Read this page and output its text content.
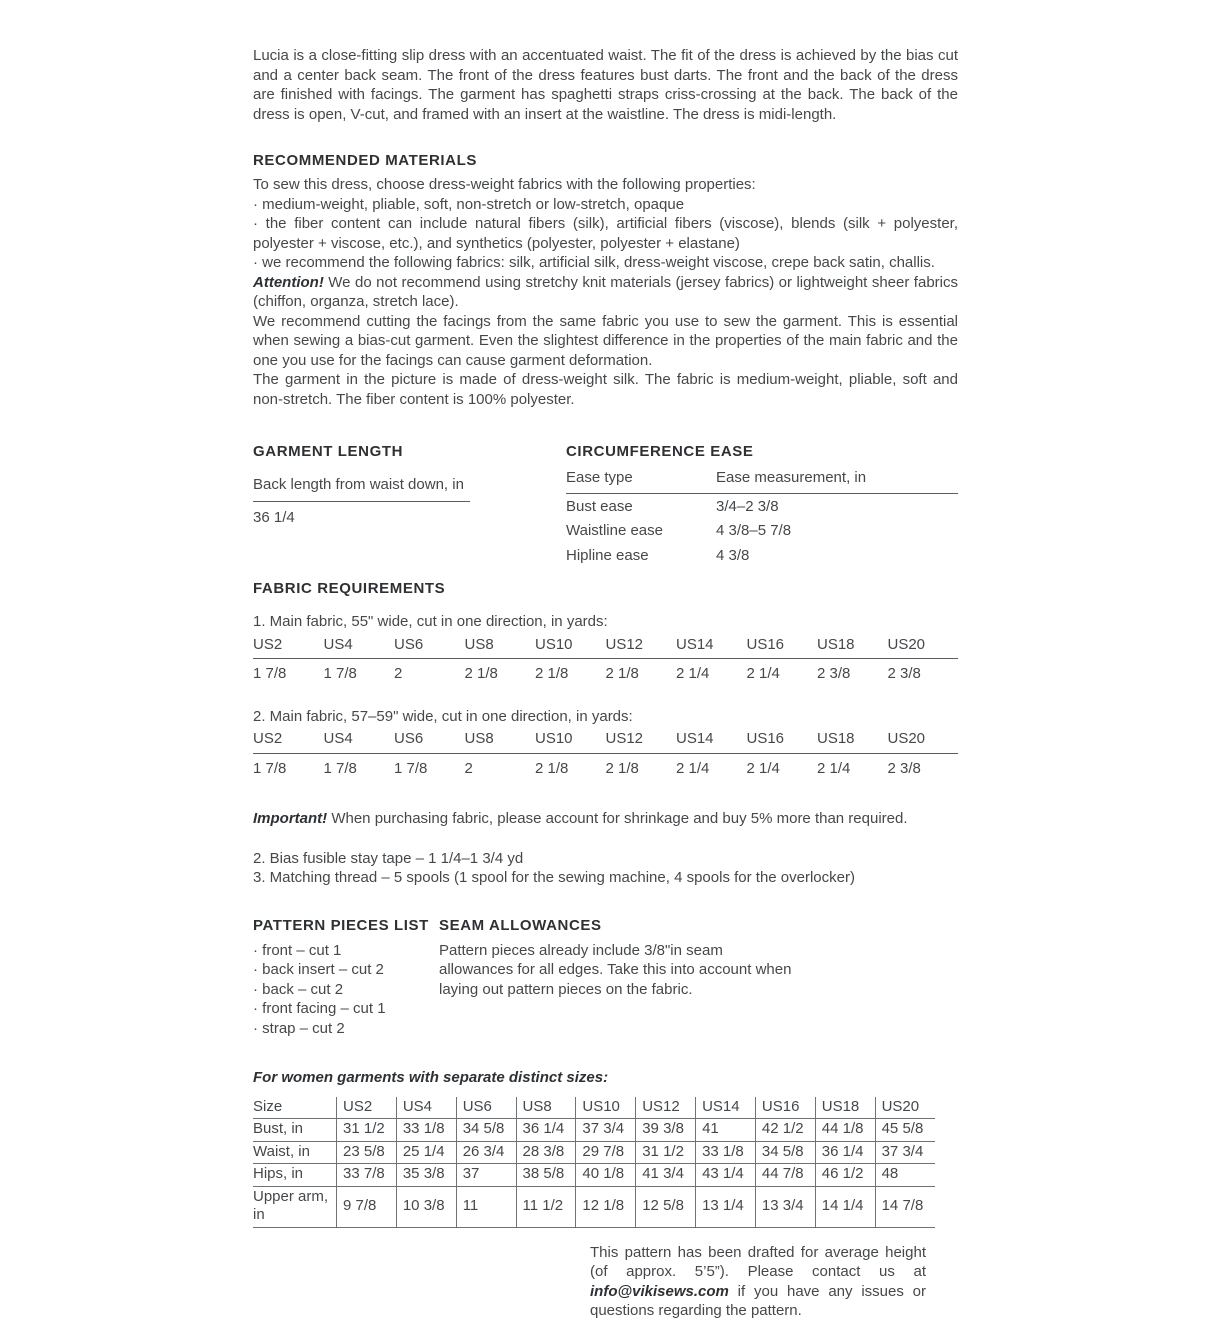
Lucia is a close-fitting slip dress with an accentuated waist. The fit of the dress is achieved by the bias cut and a center back seam. The front of the dress features bust darts. The front and the back of the dress are finished with facings. The garment has spaghetti straps criss-crossing at the back. The back of the dress is open, V-cut, and framed with an insert at the waistline. The dress is midi-length.

RECOMMENDED MATERIALS

To sew this dress, choose dress-weight fabrics with the following properties:

· medium-weight, pliable, soft, non-stretch or low-stretch, opaque

· the fiber content can include natural fibers (silk), artificial fibers (viscose), blends (silk + polyester, polyester + viscose, etc.), and synthetics (polyester, polyester + elastane)

· we recommend the following fabrics: silk, artificial silk, dress-weight viscose, crepe back satin, challis.

Attention! We do not recommend using stretchy knit materials (jersey fabrics) or lightweight sheer fabrics (chiffon, organza, stretch lace).

We recommend cutting the facings from the same fabric you use to sew the garment. This is essential when sewing a bias-cut garment. Even the slightest difference in the properties of the main fabric and the one you use for the facings can cause garment deformation.

The garment in the picture is made of dress-weight silk. The fabric is medium-weight, pliable, soft and non-stretch. The fiber content is 100% polyester.

GARMENT LENGTH
Back length from waist down, in
36 1/4
CIRCUMFERENCE EASE
Ease type	Ease measurement, in
Bust ease	3/4–2 3/8
Waistline ease	4 3/8–5 7/8
Hipline ease	4 3/8
FABRIC REQUIREMENTS

1. Main fabric, 55" wide, cut in one direction, in yards:

US2	US4	US6	US8	US10	US12	US14	US16	US18	US20
1 7/8	1 7/8	2	2 1/8	2 1/8	2 1/8	2 1/4	2 1/4	2 3/8	2 3/8

2. Main fabric, 57–59" wide, cut in one direction, in yards:

US2	US4	US6	US8	US10	US12	US14	US16	US18	US20
1 7/8	1 7/8	1 7/8	2	2 1/8	2 1/8	2 1/4	2 1/4	2 1/4	2 3/8

Important! When purchasing fabric, please account for shrinkage and buy 5% more than required.

2. Bias fusible stay tape – 1 1/4–1 3/4 yd

3. Matching thread – 5 spools (1 spool for the sewing machine, 4 spools for the overlocker)

PATTERN PIECES LIST

· front – cut 1

· back insert – cut 2

· back – cut 2

· front facing – cut 1

· strap – cut 2

SEAM ALLOWANCES

Pattern pieces already include 3/8"in seam allowances for all edges. Take this into account when laying out pattern pieces on the fabric.

For women garments with separate distinct sizes:

Size	US2	US4	US6	US8	US10	US12	US14	US16	US18	US20
Bust, in	31 1/2	33 1/8	34 5/8	36 1/4	37 3/4	39 3/8	41	42 1/2	44 1/8	45 5/8
Waist, in	23 5/8	25 1/4	26 3/4	28 3/8	29 7/8	31 1/2	33 1/8	34 5/8	36 1/4	37 3/4
Hips, in	33 7/8	35 3/8	37	38 5/8	40 1/8	41 3/4	43 1/4	44 7/8	46 1/2	48
Upper arm, in	9 7/8	10 3/8	11	11 1/2	12 1/8	12 5/8	13 1/4	13 3/4	14 1/4	14 7/8

This pattern has been drafted for average height (of approx. 5’5”). Please contact us at info@vikisews.com if you have any issues or questions regarding the pattern.
